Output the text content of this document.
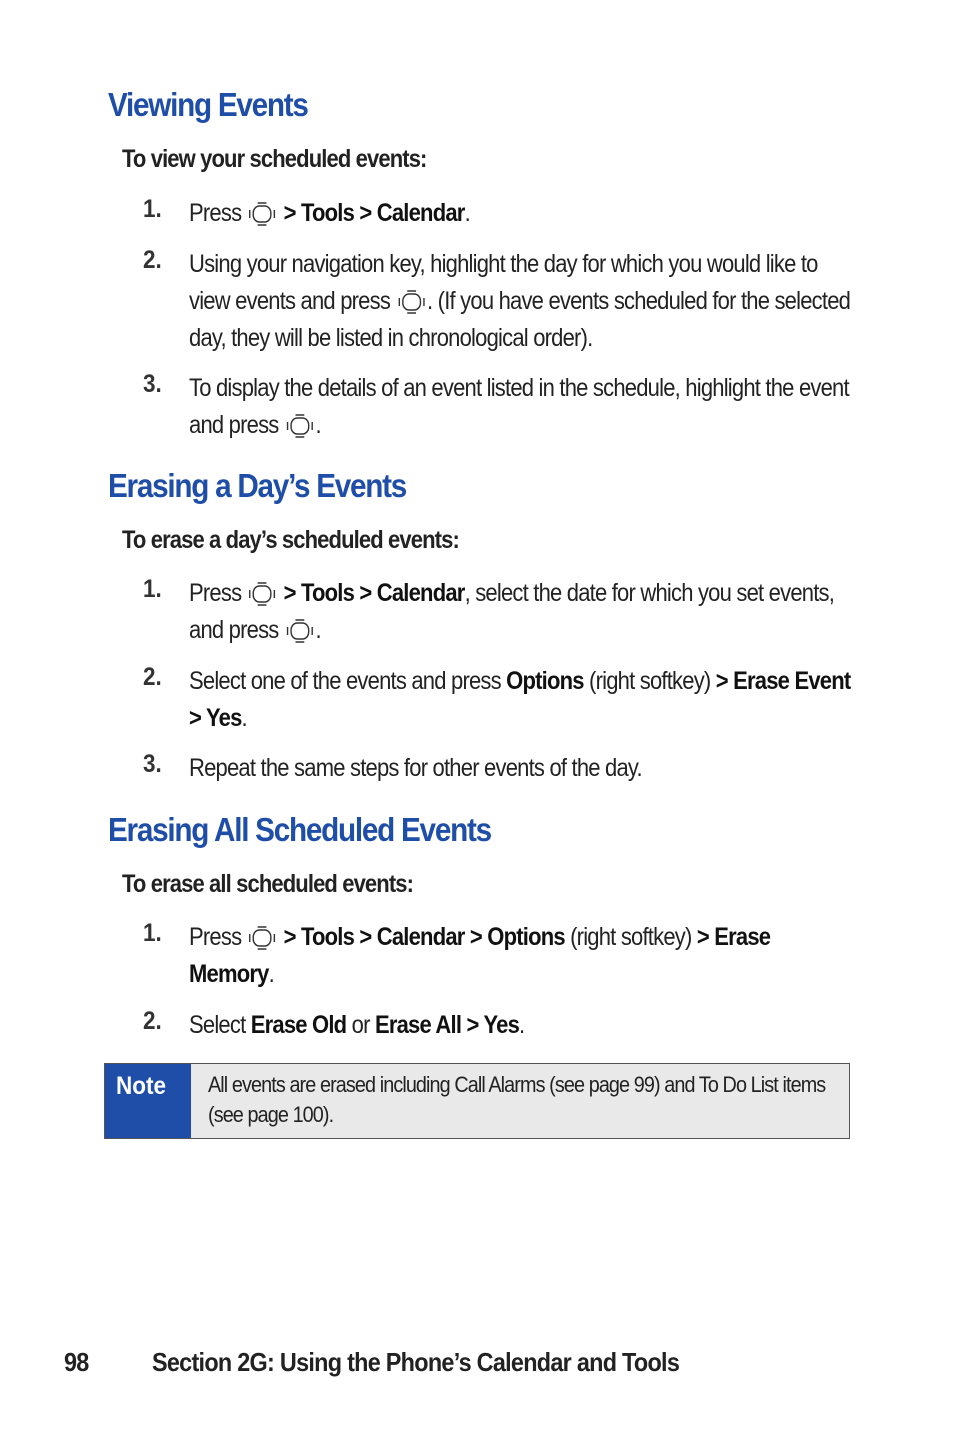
Viewing Events

To view your scheduled events:

1. Press
> Tools > Calendar.
2. Using your navigation key, highlight the day for which you would like to view events and press
. (If you have events scheduled for the selected day, they will be listed in chronological order).
3. To display the details of an event listed in the schedule, highlight the event and press
.
Erasing a Day’s Events

To erase a day’s scheduled events:

1. Press
> Tools > Calendar, select the date for which you set events, and press
.
2. Select one of the events and press Options (right softkey) > Erase Event > Yes.
3. Repeat the same steps for other events of the day.
Erasing All Scheduled Events

To erase all scheduled events:

1. Press
> Tools > Calendar > Options (right softkey) > Erase Memory.
2. Select Erase Old or Erase All > Yes.
Note All events are erased including Call Alarms (see page 99) and To Do List items (see page 100).
98 Section 2G: Using the Phone’s Calendar and Tools
